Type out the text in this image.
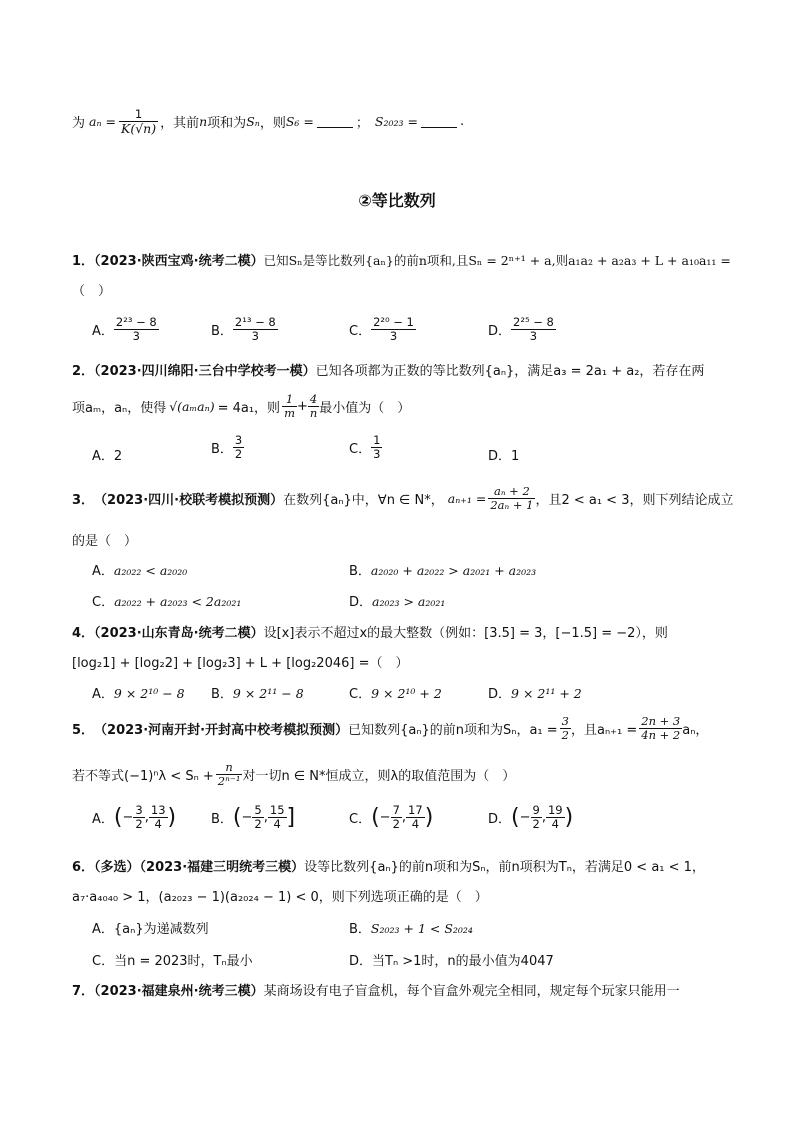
为 $a_n = \frac{1}{K(√n)}$ ，其前 n 项和为 Sₙ ，则 S₆ =	； S₂₀₂₃ =	.
②等比数列
1．（2023·陕西宝鸡·统考二模）已知Sₙ是等比数列{aₙ}的前n项和,且Sₙ = 2ⁿ⁺¹ + a,则a₁a₂ + a₂a₃ + L + a₁₀a₁₁ =
（　）
A． $\frac{\text{2²³ − 8}}{3}$	B． $\frac{\text{2¹³ − 8}}{3}$	C． $\frac{\text{2²⁰ − 1}}{3}$	D． $\frac{\text{2²⁵ − 8}}{3}$
2．（2023·四川绵阳·三台中学校考一模）已知各项都为正数的等比数列{aₙ}，满足a₃ = 2a₁ + a₂，若存在两
项aₘ，aₙ，使得 √(aₘaₙ) = 4a₁，则 $\frac{1}{m} + \frac{4}{n}$ 最小值为（　）
A．2	B． $\frac{3}{2}$	C． $\frac{1}{3}$	D．1
3． （2023·四川·校联考模拟预测） 在数列{aₙ}中，∀n ∈ N*， $a_{n+1} = \frac{\text{aₙ + 2}}{\text{2aₙ + 1}}$ ，且2 < a₁ < 3，则下列结论成立
的是（　）
A．a₂₀₂₂ < a₂₀₂₀	B．a₂₀₂₀ + a₂₀₂₂ > a₂₀₂₁ + a₂₀₂₃
C．a₂₀₂₂ + a₂₀₂₃ < 2a₂₀₂₁	D．a₂₀₂₃ > a₂₀₂₁
4．（2023·山东青岛·统考二模）设[x]表示不超过x的最大整数（例如：[3.5] = 3，[−1.5] = −2），则
[log₂1] + [log₂2] + [log₂3] + L + [log₂2046] =（　）
A．9 × 2¹⁰ − 8 B．9 × 2¹¹ − 8	C．9 × 2¹⁰ + 2	D．9 × 2¹¹ + 2
5． （2023·河南开封·开封高中校考模拟预测） 已知数列{aₙ}的前n项和为Sₙ，$a_1 = \frac{3}{2}$ ，且$a_{n+1} = \frac{2n + 3}{4n + 2}$ aₙ，
若不等式$(-1)^n\lambda < S_n + \frac{n}{\text{2ⁿ⁻¹}}$ 对一切n ∈ N*恒成立，则λ的取值范围为（　）
A． ( − $\frac{3}{2}$ , $\frac{13}{4}$ )	B． ( − $\frac{5}{2}$ , $\frac{15}{4}$ ]	C． ( − $\frac{7}{2}$ , $\frac{17}{4}$ )	D． ( − $\frac{9}{2}$ , $\frac{19}{4}$ )
6．（多选）（2023·福建三明统考三模）设等比数列{aₙ}的前n项和为Sₙ，前n项积为Tₙ，若满足0 < a₁ < 1，
a₇·a₄₀₄₀ > 1，(a₂₀₂₃ − 1)(a₂₀₂₄ − 1) < 0，则下列选项正确的是（　）
A．{aₙ}为递减数列	B．S₂₀₂₃ + 1 < S₂₀₂₄
C．当n = 2023时，Tₙ最小	D．当Tₙ >1时，n的最小值为4047
7．（2023·福建泉州·统考三模）某商场设有电子盲盒机，每个盲盒外观完全相同，规定每个玩家只能用一
